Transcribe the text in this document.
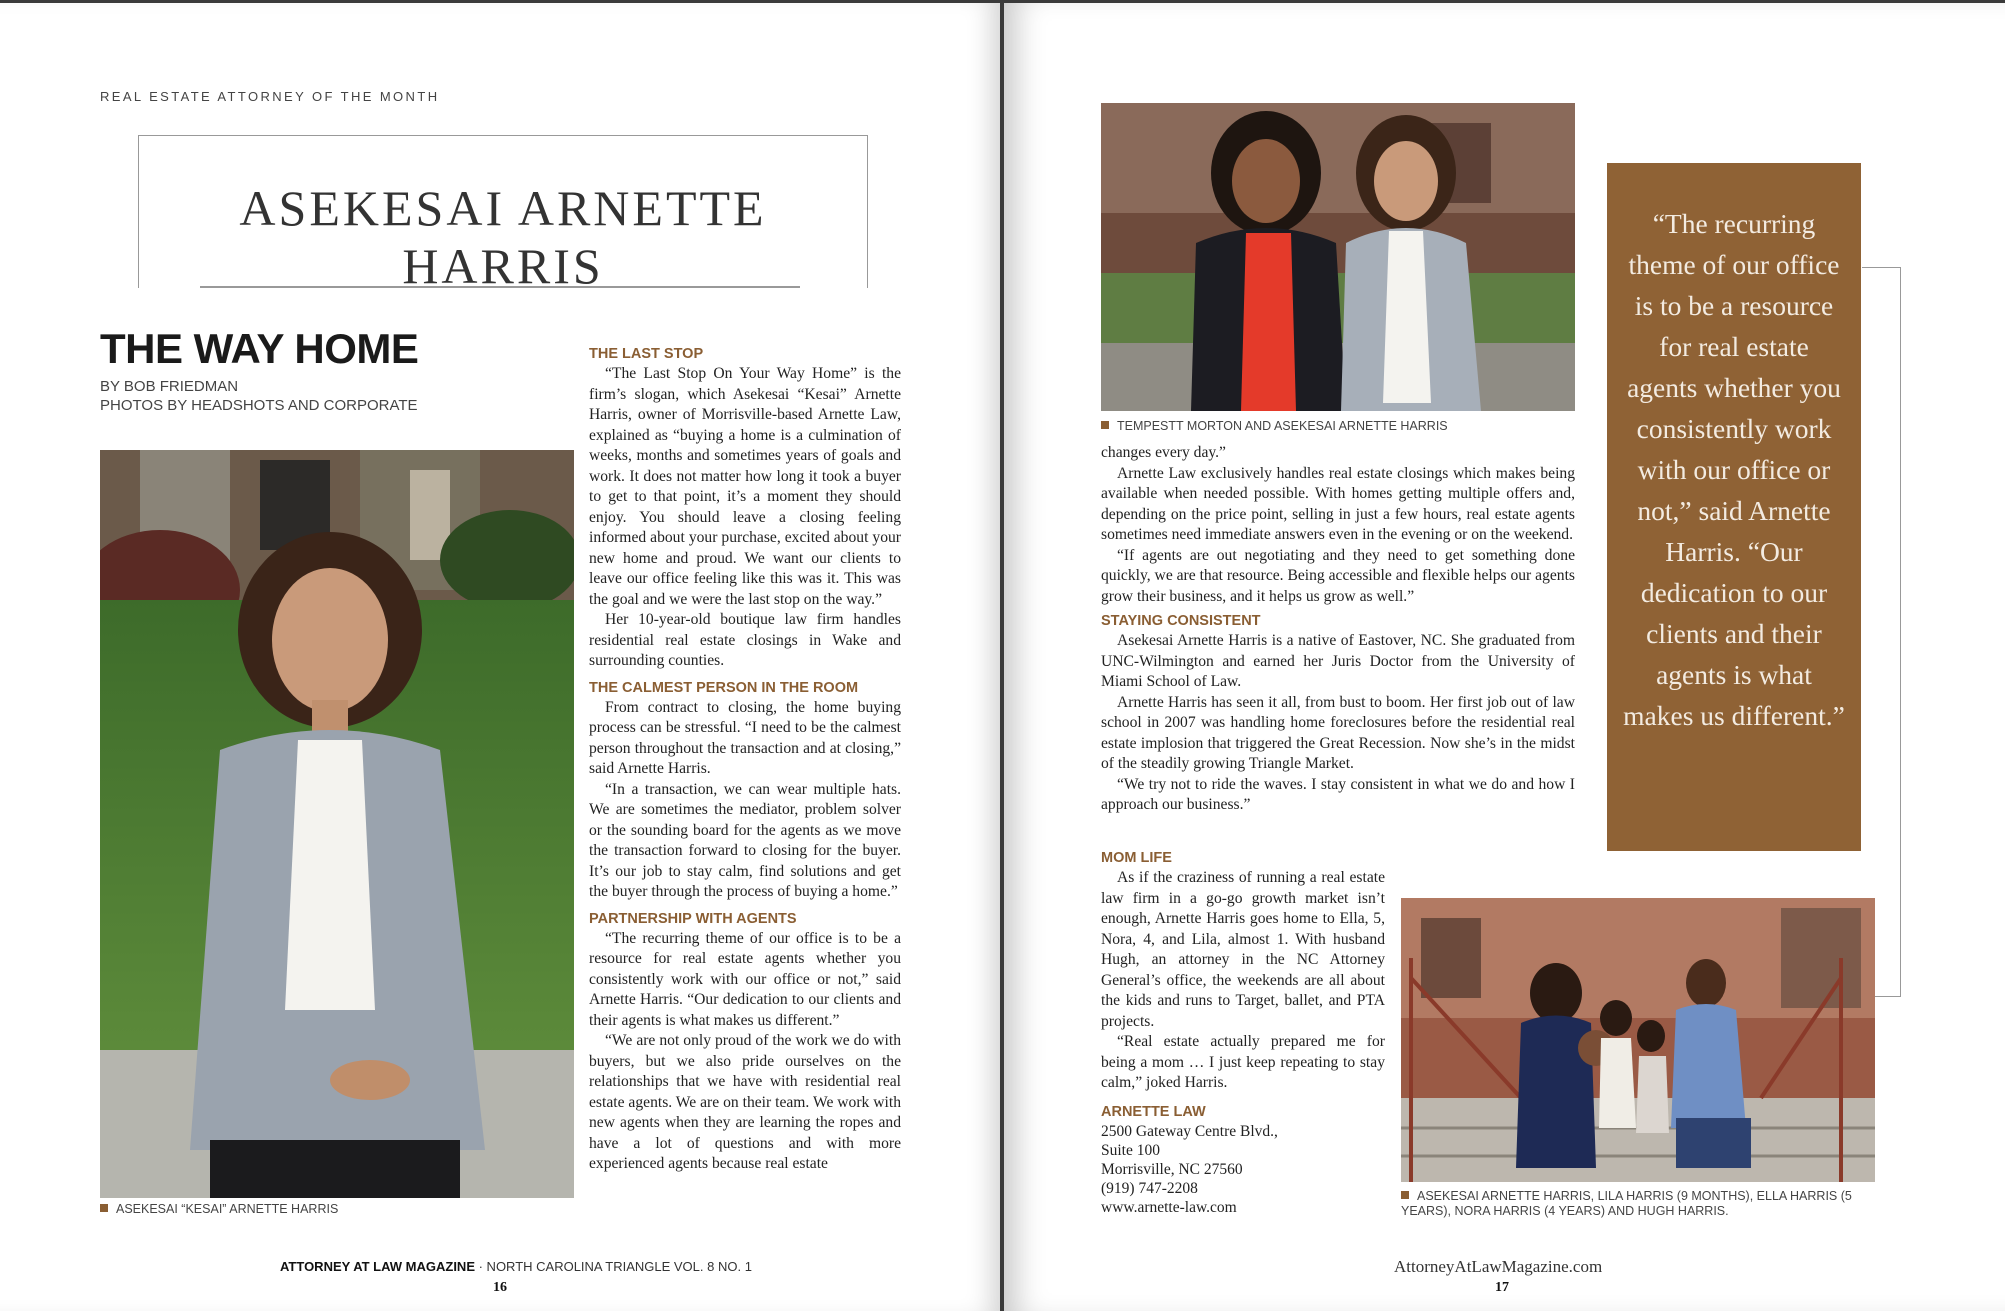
REAL ESTATE ATTORNEY OF THE MONTH
ASEKESAI ARNETTE HARRIS
THE WAY HOME
BY BOB FRIEDMAN
PHOTOS BY HEADSHOTS AND CORPORATE
ASEKESAI “KESAI” ARNETTE HARRIS
THE LAST STOP

“The Last Stop On Your Way Home” is the firm’s slogan, which Asekesai “Kesai” Arnette Harris, owner of Morrisville-based Arnette Law, explained as “buying a home is a culmination of weeks, months and sometimes years of goals and work. It does not matter how long it took a buyer to get to that point, it’s a moment they should enjoy. You should leave a closing feeling informed about your purchase, excited about your new home and proud. We want our clients to leave our office feeling like this was it. This was the goal and we were the last stop on the way.”

Her 10-year-old boutique law firm handles residential real estate closings in Wake and surrounding counties.

THE CALMEST PERSON IN THE ROOM

From contract to closing, the home buying process can be stressful. “I need to be the calmest person throughout the transaction and at closing,” said Arnette Harris.

“In a transaction, we can wear multiple hats. We are sometimes the mediator, problem solver or the sounding board for the agents as we move the transaction forward to closing for the buyer. It’s our job to stay calm, find solutions and get the buyer through the process of buying a home.”

PARTNERSHIP WITH AGENTS

“The recurring theme of our office is to be a resource for real estate agents whether you consistently work with our office or not,” said Arnette Harris. “Our dedication to our clients and their agents is what makes us different.”

“We are not only proud of the work we do with buyers, but we also pride ourselves on the relationships that we have with residential real estate agents. We are on their team. We work with new agents when they are learning the ropes and have a lot of questions and with more experienced agents because real estate

ATTORNEY AT LAW MAGAZINE · NORTH CAROLINA TRIANGLE VOL. 8 NO. 1
16
TEMPESTT MORTON AND ASEKESAI ARNETTE HARRIS

changes every day.”

Arnette Law exclusively handles real estate closings which makes being available when needed possible. With homes getting multiple offers and, depending on the price point, selling in just a few hours, real estate agents sometimes need immediate answers even in the evening or on the weekend.

“If agents are out negotiating and they need to get something done quickly, we are that resource. Being accessible and flexible helps our agents grow their business, and it helps us grow as well.”

STAYING CONSISTENT

Asekesai Arnette Harris is a native of Eastover, NC. She graduated from UNC-Wilmington and earned her Juris Doctor from the University of Miami School of Law.

Arnette Harris has seen it all, from bust to boom. Her first job out of law school in 2007 was handling home foreclosures before the residential real estate implosion that triggered the Great Recession. Now she’s in the midst of the steadily growing Triangle Market.

“We try not to ride the waves. I stay consistent in what we do and how I approach our business.”

MOM LIFE

As if the craziness of running a real estate law firm in a go-go growth market isn’t enough, Arnette Harris goes home to Ella, 5, Nora, 4, and Lila, almost 1. With husband Hugh, an attorney in the NC Attorney General’s office, the weekends are all about the kids and runs to Target, ballet, and PTA projects.

“Real estate actually prepared me for being a mom … I just keep repeating to stay calm,” joked Harris.

ARNETTE LAW
2500 Gateway Centre Blvd.,
Suite 100
Morrisville, NC 27560
(919) 747-2208
www.arnette-law.com
“The recurring theme of our office is to be a resource for real estate agents whether you consistently work with our office or not,” said Arnette Harris. “Our dedication to our clients and their agents is what makes us different.”
ASEKESAI ARNETTE HARRIS, LILA HARRIS (9 MONTHS), ELLA HARRIS (5 YEARS), NORA HARRIS (4 YEARS) AND HUGH HARRIS.
AttorneyAtLawMagazine.com
17
